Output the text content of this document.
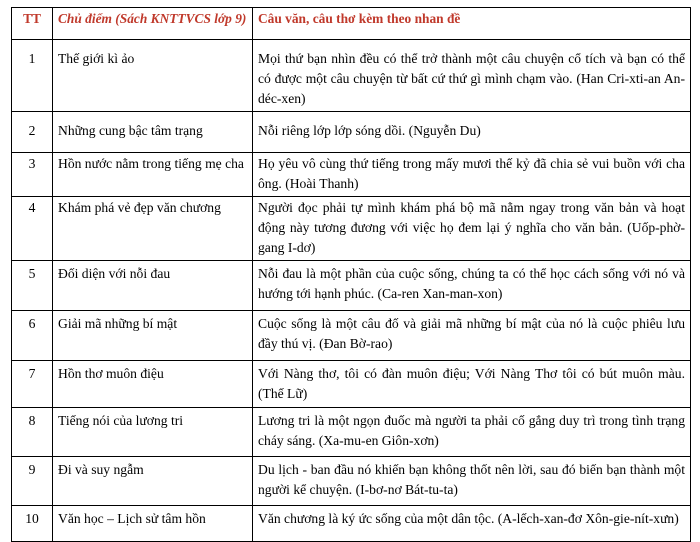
TT	Chủ điểm (Sách KNTTVCS lớp 9)	Câu văn, câu thơ kèm theo nhan đề
1	Thế giới kì ảo	Mọi thứ bạn nhìn đều có thể trở thành một câu chuyện cổ tích và bạn có thể có được một câu chuyện từ bất cứ thứ gì mình chạm vào. (Han Cri-xti-an An-déc-xen)
2	Những cung bậc tâm trạng	Nỗi riêng lớp lớp sóng dồi. (Nguyễn Du)
3	Hồn nước nằm trong tiếng mẹ cha	Họ yêu vô cùng thứ tiếng trong mấy mươi thế kỷ đã chia sẻ vui buồn với cha ông. (Hoài Thanh)
4	Khám phá vẻ đẹp văn chương	Người đọc phải tự mình khám phá bộ mã nằm ngay trong văn bản và hoạt động này tương đương với việc họ đem lại ý nghĩa cho văn bản. (Uốp-phờ-gang I-dơ)
5	Đối diện với nỗi đau	Nỗi đau là một phần của cuộc sống, chúng ta có thể học cách sống với nó và hướng tới hạnh phúc. (Ca-ren Xan-man-xon)
6	Giải mã những bí mật	Cuộc sống là một câu đố và giải mã những bí mật của nó là cuộc phiêu lưu đầy thú vị. (Đan Bờ-rao)
7	Hồn thơ muôn điệu	Với Nàng thơ, tôi có đàn muôn điệu; Với Nàng Thơ tôi có bút muôn màu. (Thế Lữ)
8	Tiếng nói của lương tri	Lương tri là một ngọn đuốc mà người ta phải cố gắng duy trì trong tình trạng cháy sáng. (Xa-mu-en Giôn-xơn)
9	Đi và suy ngẫm	Du lịch - ban đầu nó khiến bạn không thốt nên lời, sau đó biến bạn thành một người kể chuyện. (I-bơ-nơ Bát-tu-ta)
10	Văn học – Lịch sử tâm hồn	Văn chương là ký ức sống của một dân tộc. (A-lếch-xan-đơ Xôn-gie-nít-xưn)
